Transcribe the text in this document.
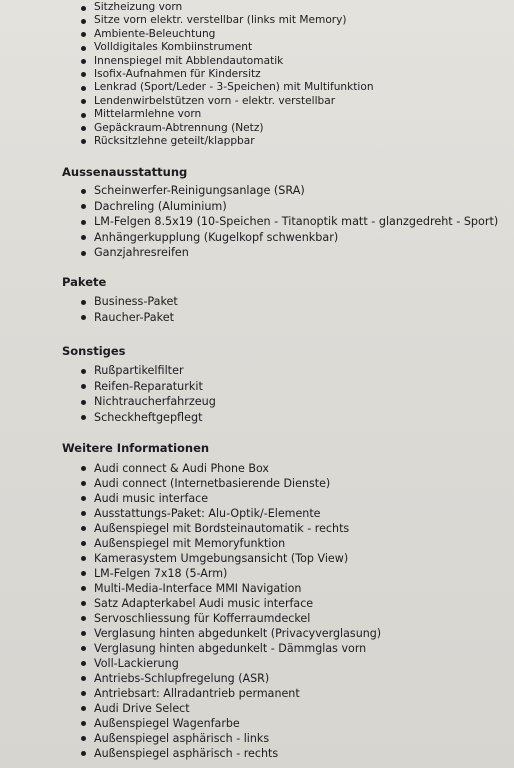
Sitzheizung vorn
Sitze vorn elektr. verstellbar (links mit Memory)
Ambiente-Beleuchtung
Volldigitales Kombiinstrument
Innenspiegel mit Abblendautomatik
Isofix-Aufnahmen für Kindersitz
Lenkrad (Sport/Leder - 3-Speichen) mit Multifunktion
Lendenwirbelstützen vorn - elektr. verstellbar
Mittelarmlehne vorn
Gepäckraum-Abtrennung (Netz)
Rücksitzlehne geteilt/klappbar
Aussenausstattung
Scheinwerfer-Reinigungsanlage (SRA)
Dachreling (Aluminium)
LM-Felgen 8.5x19 (10-Speichen - Titanoptik matt - glanzgedreht - Sport)
Anhängerkupplung (Kugelkopf schwenkbar)
Ganzjahresreifen
Pakete
Business-Paket
Raucher-Paket
Sonstiges
Rußpartikelfilter
Reifen-Reparaturkit
Nichtraucherfahrzeug
Scheckheftgepflegt
Weitere Informationen
Audi connect & Audi Phone Box
Audi connect (Internetbasierende Dienste)
Audi music interface
Ausstattungs-Paket: Alu-Optik/-Elemente
Außenspiegel mit Bordsteinautomatik - rechts
Außenspiegel mit Memoryfunktion
Kamerasystem Umgebungsansicht (Top View)
LM-Felgen 7x18 (5-Arm)
Multi-Media-Interface MMI Navigation
Satz Adapterkabel Audi music interface
Servoschliessung für Kofferraumdeckel
Verglasung hinten abgedunkelt (Privacyverglasung)
Verglasung hinten abgedunkelt - Dämmglas vorn
Voll-Lackierung
Antriebs-Schlupfregelung (ASR)
Antriebsart: Allradantrieb permanent
Audi Drive Select
Außenspiegel Wagenfarbe
Außenspiegel asphärisch - links
Außenspiegel asphärisch - rechts
